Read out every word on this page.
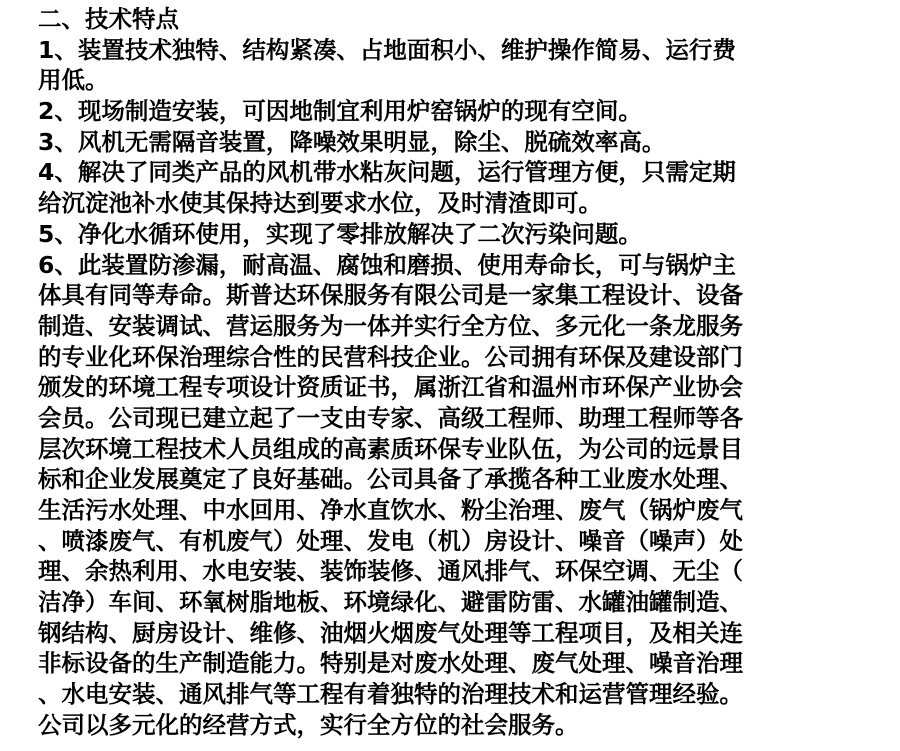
二、技术特点
1、装置技术独特、结构紧凑、占地面积小、维护操作简易、运行费
用低。
2、现场制造安装，可因地制宜利用炉窑锅炉的现有空间。
3、风机无需隔音装置，降噪效果明显，除尘、脱硫效率高。
4、解决了同类产品的风机带水粘灰问题，运行管理方便，只需定期
给沉淀池补水使其保持达到要求水位，及时清渣即可。
5、净化水循环使用，实现了零排放解决了二次污染问题。
6、此装置防渗漏，耐高温、腐蚀和磨损、使用寿命长，可与锅炉主
体具有同等寿命。斯普达环保服务有限公司是一家集工程设计、设备
制造、安装调试、营运服务为一体并实行全方位、多元化一条龙服务
的专业化环保治理综合性的民营科技企业。公司拥有环保及建设部门
颁发的环境工程专项设计资质证书，属浙江省和温州市环保产业协会
会员。公司现已建立起了一支由专家、高级工程师、助理工程师等各
层次环境工程技术人员组成的高素质环保专业队伍，为公司的远景目
标和企业发展奠定了良好基础。公司具备了承揽各种工业废水处理、
生活污水处理、中水回用、净水直饮水、粉尘治理、废气（锅炉废气
、喷漆废气、有机废气）处理、发电（机）房设计、噪音（噪声）处
理、余热利用、水电安装、装饰装修、通风排气、环保空调、无尘（
洁净）车间、环氧树脂地板、环境绿化、避雷防雷、水罐油罐制造、
钢结构、厨房设计、维修、油烟火烟废气处理等工程项目，及相关连
非标设备的生产制造能力。特别是对废水处理、废气处理、噪音治理
、水电安装、通风排气等工程有着独特的治理技术和运营管理经验。
公司以多元化的经营方式，实行全方位的社会服务。
